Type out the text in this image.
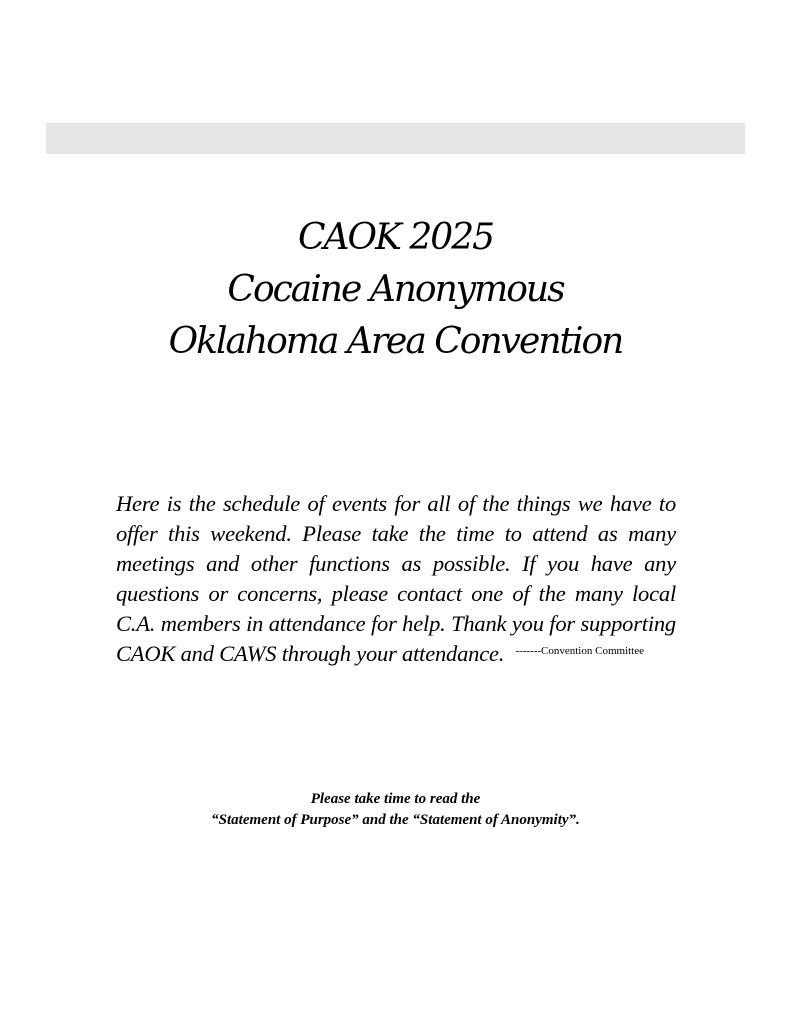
CAOK 2025
Cocaine Anonymous
Oklahoma Area Convention

Here is the schedule of events for all of the things we have to offer this weekend. Please take the time to attend as many meetings and other functions as possible. If you have any questions or concerns, please contact one of the many local C.A. members in attendance for help. Thank you for supporting CAOK and CAWS through your attendance.	-------Convention Committee
Please take time to read the
“Statement of Purpose” and the “Statement of Anonymity”.
